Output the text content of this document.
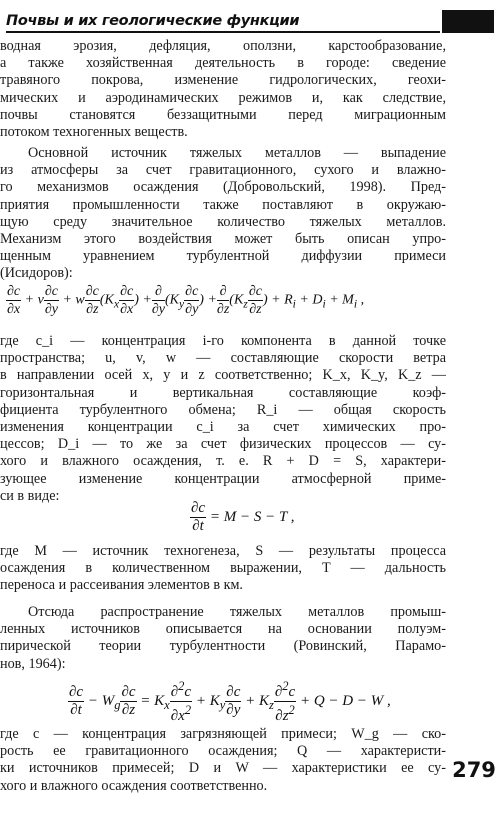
Почвы и их геологические функции
водная эрозия, дефляция, оползни, карстообразование,
а также хозяйственная деятельность в городе: сведение
травяного покрова, изменение гидрологических, геохи-
мических и аэродинамических режимов и, как следствие,
почвы становятся беззащитными перед миграционным
потоком техногенных веществ.
Основной источник тяжелых металлов — выпадение
из атмосферы за счет гравитационного, сухого и влажно-
го механизмов осаждения (Добровольский, 1998). Пред-
приятия промышленности также поставляют в окружаю-
щую среду значительное количество тяжелых металлов.
Механизм этого воздействия может быть описан упро-
щенным уравнением турбулентной диффузии примеси
(Исидоров):
$\frac{\partial c}{\partial x} + v \frac{\partial c}{\partial y} + w \frac{\partial c}{\partial z} (K_x \frac{\partial c}{\partial x}$ ) + $\frac{\partial}{\partial y} (K_y \frac{\partial c}{\partial y}$ ) + $\frac{\partial}{\partial z} (K_z \frac{\partial c}{\partial z}$ ) + $R_i + D_i + M_i$ ,
где c_i — концентрация i-го компонента в данной точке
пространства; u, v, w — составляющие скорости ветра
в направлении осей x, y и z соответственно; K_x, K_y, K_z —
горизонтальная и вертикальная составляющие коэф-
фициента турбулентного обмена; R_i — общая скорость
изменения концентрации c_i за счет химических про-
цессов; D_i — то же за счет физических процессов — су-
хого и влажного осаждения, т. е. R + D = S, характери-
зующее изменение концентрации атмосферной приме-
си в виде:
$\frac{\partial c}{\partial t} = M - S - T$ ,
где M — источник техногенеза, S — результаты процесса
осаждения в количественном выражении, T — дальность
переноса и рассеивания элементов в км.
Отсюда распространение тяжелых металлов промыш-
ленных источников описывается на основании полуэм-
пирической теории турбулентности (Ровинский, Парамо-
нов, 1964):
$\frac{\partial c}{\partial t} - W_g \frac{\partial c}{\partial z} = K_x \frac{\partial^2c}{\partial x^2} + K_y \frac{\partial c}{\partial y} + K_z \frac{\partial^2c}{\partial z^2} + Q - D - W$ ,
где c — концентрация загрязняющей примеси; W_g — ско-
рость ее гравитационного осаждения; Q — характеристи-
ки источников примесей; D и W — характеристики ее су-
хого и влажного осаждения соответственно.
279
